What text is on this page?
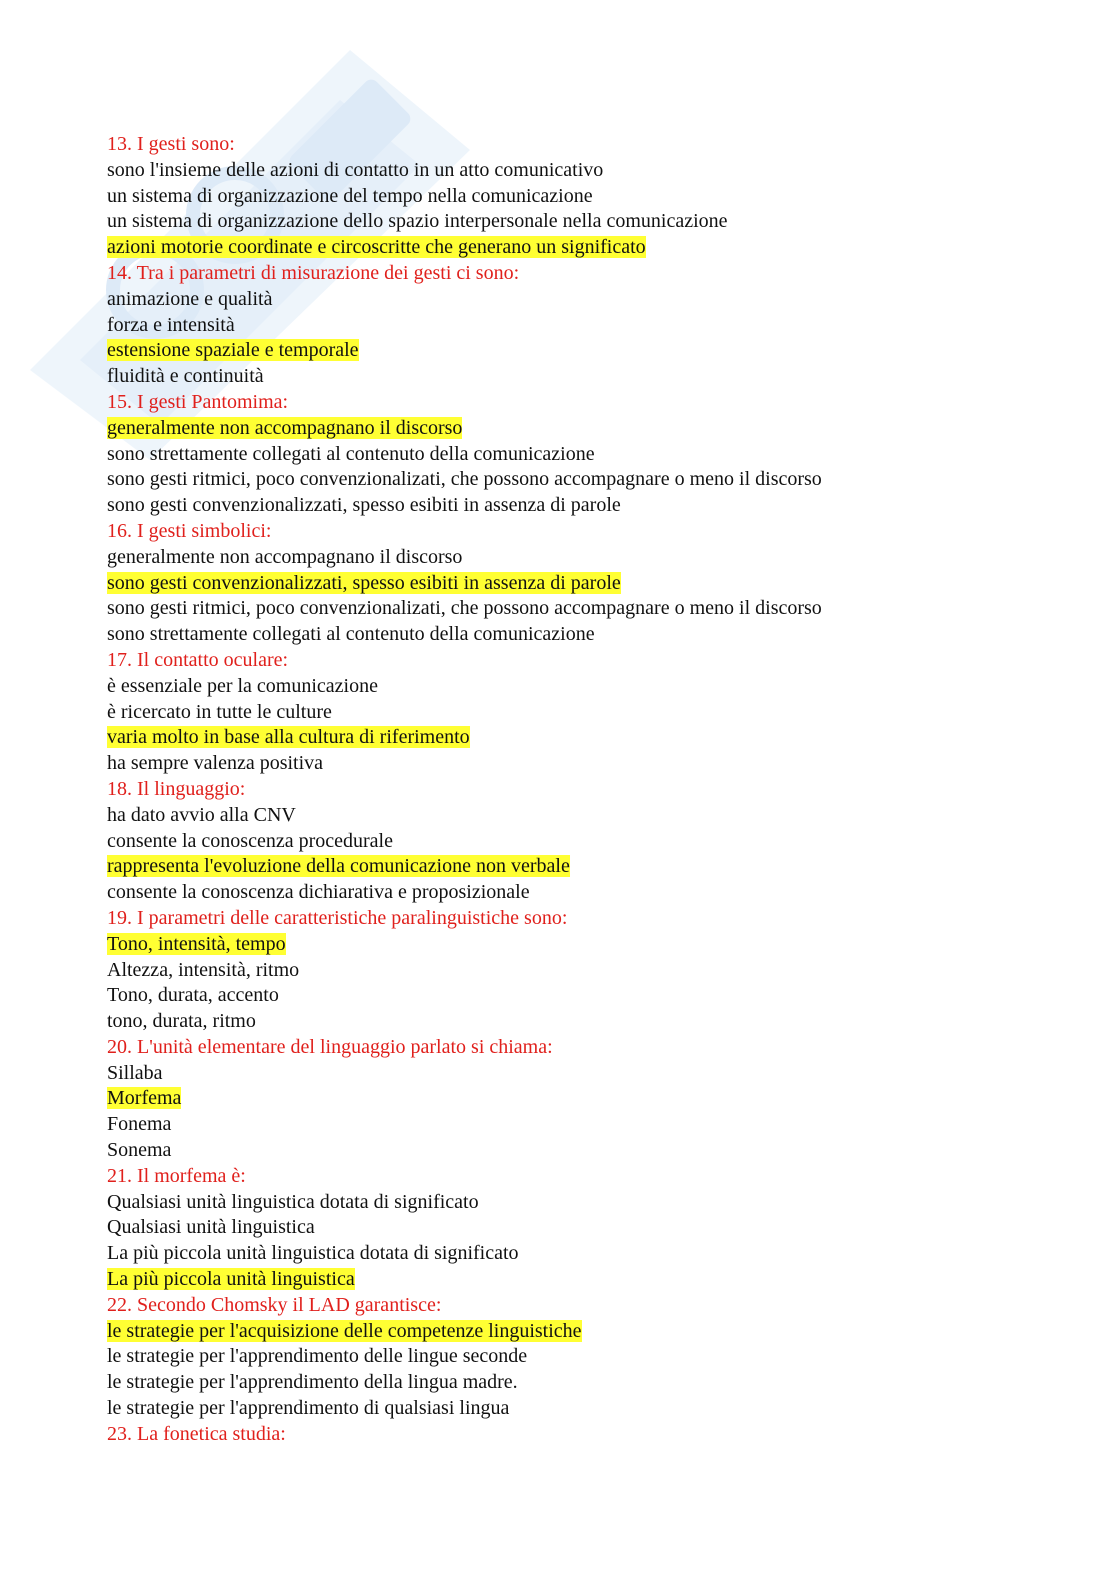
13. I gesti sono:
sono l'insieme delle azioni di contatto in un atto comunicativo
un sistema di organizzazione del tempo nella comunicazione
un sistema di organizzazione dello spazio interpersonale nella comunicazione
azioni motorie coordinate e circoscritte che generano un significato
14. Tra i parametri di misurazione dei gesti ci sono:
animazione e qualità
forza e intensità
estensione spaziale e temporale
fluidità e continuità
15. I gesti Pantomima:
generalmente non accompagnano il discorso
sono strettamente collegati al contenuto della comunicazione
sono gesti ritmici, poco convenzionalizati, che possono accompagnare o meno il discorso
sono gesti convenzionalizzati, spesso esibiti in assenza di parole
16. I gesti simbolici:
generalmente non accompagnano il discorso
sono gesti convenzionalizzati, spesso esibiti in assenza di parole
sono gesti ritmici, poco convenzionalizati, che possono accompagnare o meno il discorso
sono strettamente collegati al contenuto della comunicazione
17. Il contatto oculare:
è essenziale per la comunicazione
è ricercato in tutte le culture
varia molto in base alla cultura di riferimento
ha sempre valenza positiva
18. Il linguaggio:
ha dato avvio alla CNV
consente la conoscenza procedurale
rappresenta l'evoluzione della comunicazione non verbale
consente la conoscenza dichiarativa e proposizionale
19. I parametri delle caratteristiche paralinguistiche sono:
Tono, intensità, tempo
Altezza, intensità, ritmo
Tono, durata, accento
tono, durata, ritmo
20. L'unità elementare del linguaggio parlato si chiama:
Sillaba
Morfema
Fonema
Sonema
21. Il morfema è:
Qualsiasi unità linguistica dotata di significato
Qualsiasi unità linguistica
La più piccola unità linguistica dotata di significato
La più piccola unità linguistica
22. Secondo Chomsky il LAD garantisce:
le strategie per l'acquisizione delle competenze linguistiche
le strategie per l'apprendimento delle lingue seconde
le strategie per l'apprendimento della lingua madre.
le strategie per l'apprendimento di qualsiasi lingua
23. La fonetica studia:
